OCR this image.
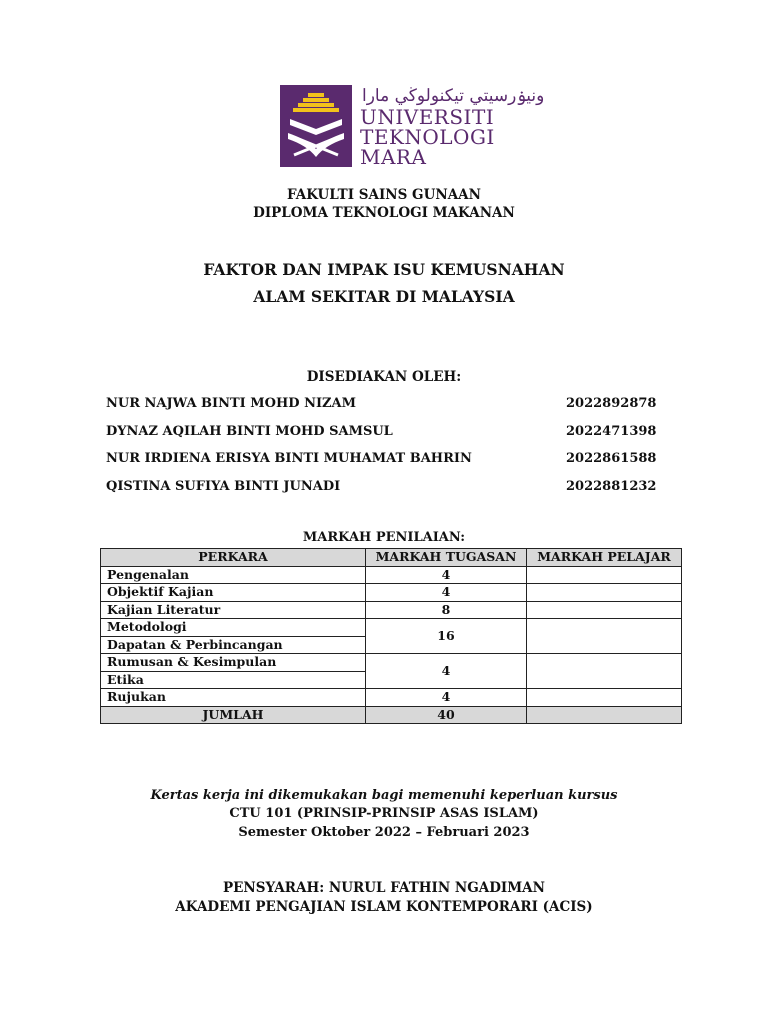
ونيۏرسيتي تيكنولوڬي مارا
UNIVERSITI
TEKNOLOGI
MARA
FAKULTI SAINS GUNAAN
DIPLOMA TEKNOLOGI MAKANAN
FAKTOR DAN IMPAK ISU KEMUSNAHAN
ALAM SEKITAR DI MALAYSIA
DISEDIAKAN OLEH:
NUR NAJWA BINTI MOHD NIZAM	2022892878
DYNAZ AQILAH BINTI MOHD SAMSUL	2022471398
NUR IRDIENA ERISYA BINTI MUHAMAT BAHRIN	2022861588
QISTINA SUFIYA BINTI JUNADI	2022881232
MARKAH PENILAIAN:
PERKARA	MARKAH TUGASAN	MARKAH PELAJAR
Pengenalan	4	
Objektif Kajian	4	
Kajian Literatur	8	
Metodologi	16	
Dapatan & Perbincangan		
Rumusan & Kesimpulan	4	
Etika		
Rujukan	4	
JUMLAH	40	
Kertas kerja ini dikemukakan bagi memenuhi keperluan kursus
CTU 101 (PRINSIP-PRINSIP ASAS ISLAM)
Semester Oktober 2022 – Februari 2023
PENSYARAH: NURUL FATHIN NGADIMAN
AKADEMI PENGAJIAN ISLAM KONTEMPORARI (ACIS)
